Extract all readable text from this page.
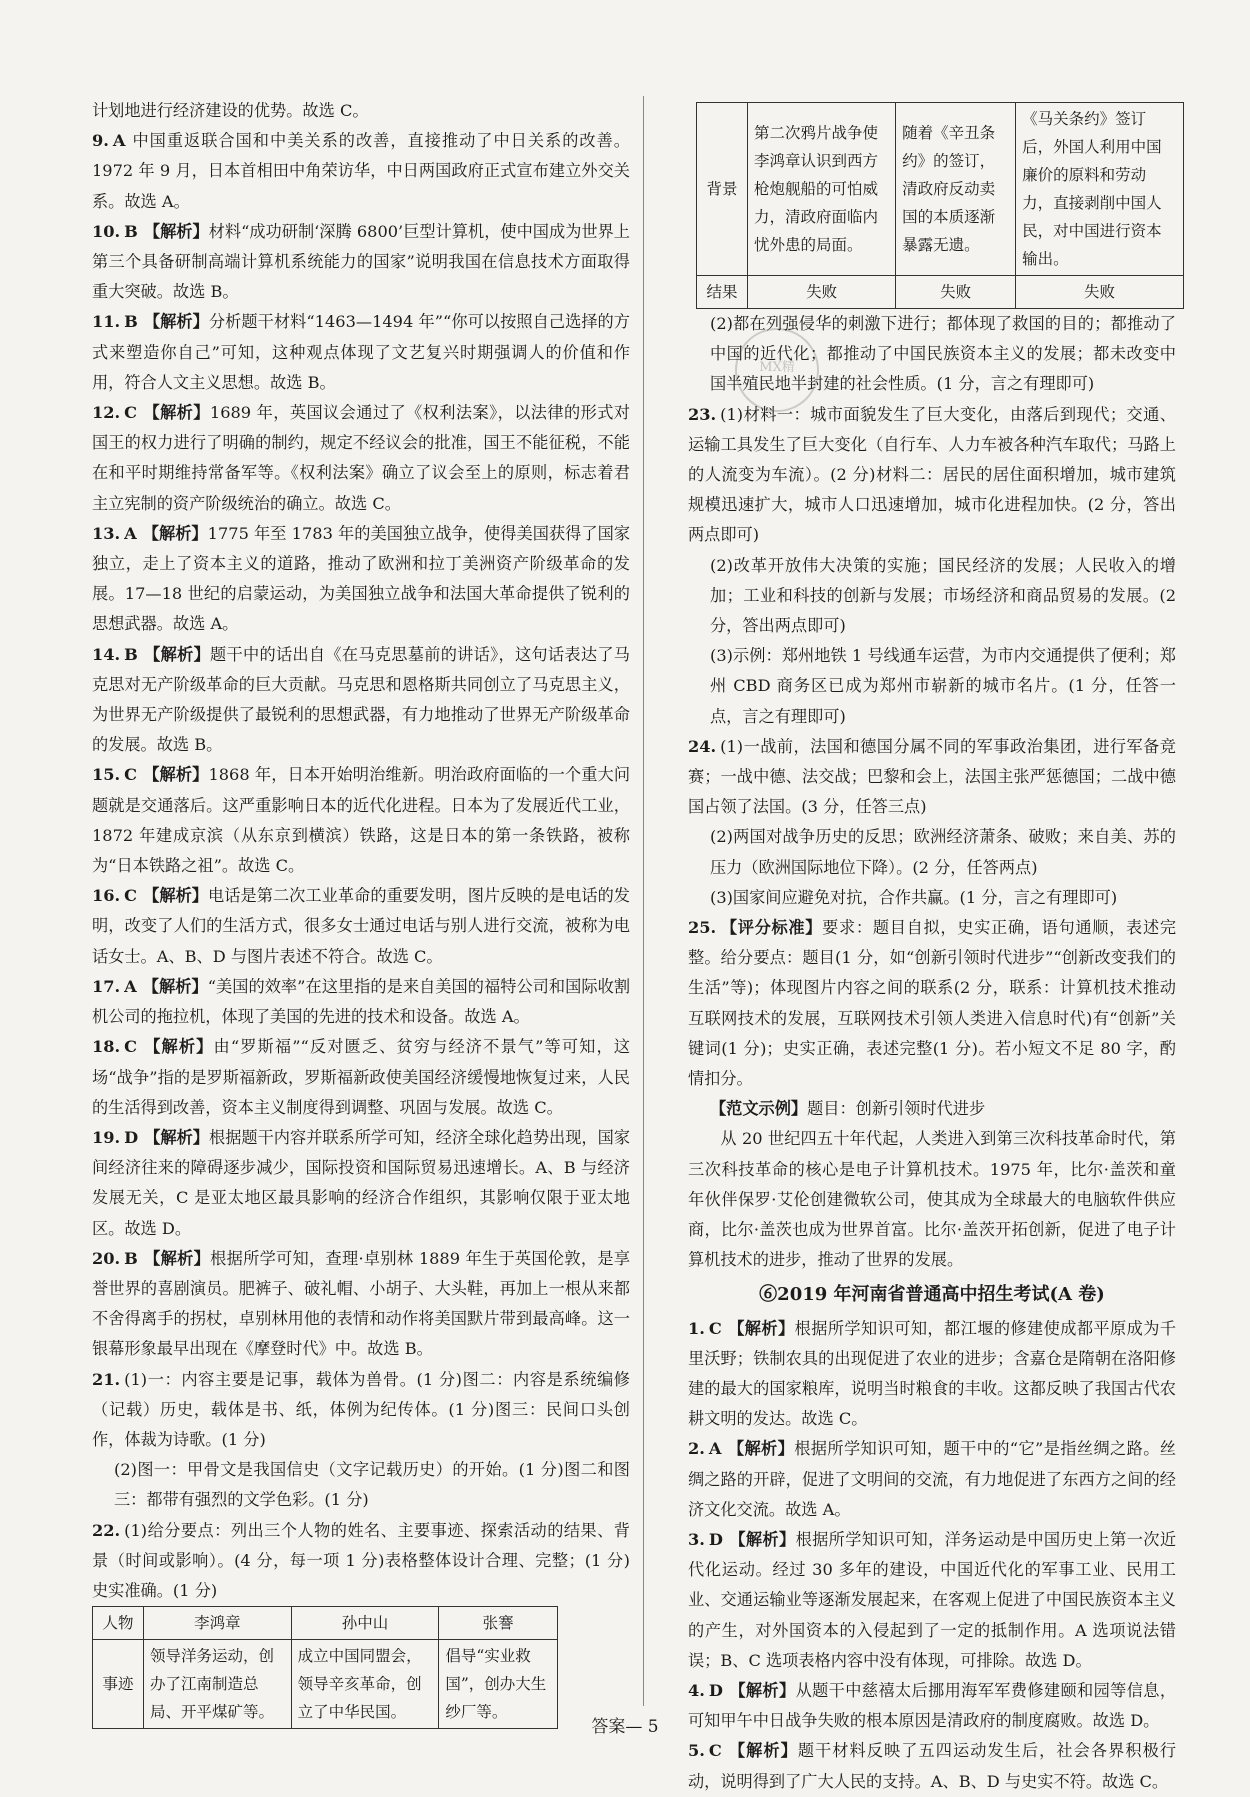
MX精

计划地进行经济建设的优势。故选 C。

9. A 中国重返联合国和中美关系的改善，直接推动了中日关系的改善。1972 年 9 月，日本首相田中角荣访华，中日两国政府正式宣布建立外交关系。故选 A。

10. B 【解析】材料“成功研制‘深腾 6800’巨型计算机，使中国成为世界上第三个具备研制高端计算机系统能力的国家”说明我国在信息技术方面取得重大突破。故选 B。

11. B 【解析】分析题干材料“1463—1494 年”“你可以按照自己选择的方式来塑造你自己”可知，这种观点体现了文艺复兴时期强调人的价值和作用，符合人文主义思想。故选 B。

12. C 【解析】1689 年，英国议会通过了《权利法案》，以法律的形式对国王的权力进行了明确的制约，规定不经议会的批准，国王不能征税，不能在和平时期维持常备军等。《权利法案》确立了议会至上的原则，标志着君主立宪制的资产阶级统治的确立。故选 C。

13. A 【解析】1775 年至 1783 年的美国独立战争，使得美国获得了国家独立，走上了资本主义的道路，推动了欧洲和拉丁美洲资产阶级革命的发展。17—18 世纪的启蒙运动，为美国独立战争和法国大革命提供了锐利的思想武器。故选 A。

14. B 【解析】题干中的话出自《在马克思墓前的讲话》，这句话表达了马克思对无产阶级革命的巨大贡献。马克思和恩格斯共同创立了马克思主义，为世界无产阶级提供了最锐利的思想武器，有力地推动了世界无产阶级革命的发展。故选 B。

15. C 【解析】1868 年，日本开始明治维新。明治政府面临的一个重大问题就是交通落后。这严重影响日本的近代化进程。日本为了发展近代工业，1872 年建成京滨（从东京到横滨）铁路，这是日本的第一条铁路，被称为“日本铁路之祖”。故选 C。

16. C 【解析】电话是第二次工业革命的重要发明，图片反映的是电话的发明，改变了人们的生活方式，很多女士通过电话与别人进行交流，被称为电话女士。A、B、D 与图片表述不符合。故选 C。

17. A 【解析】“美国的效率”在这里指的是来自美国的福特公司和国际收割机公司的拖拉机，体现了美国的先进的技术和设备。故选 A。

18. C 【解析】由“罗斯福”“反对匮乏、贫穷与经济不景气”等可知，这场“战争”指的是罗斯福新政，罗斯福新政使美国经济缓慢地恢复过来，人民的生活得到改善，资本主义制度得到调整、巩固与发展。故选 C。

19. D 【解析】根据题干内容并联系所学可知，经济全球化趋势出现，国家间经济往来的障碍逐步减少，国际投资和国际贸易迅速增长。A、B 与经济发展无关，C 是亚太地区最具影响的经济合作组织，其影响仅限于亚太地区。故选 D。

20. B 【解析】根据所学可知，查理·卓别林 1889 年生于英国伦敦，是享誉世界的喜剧演员。肥裤子、破礼帽、小胡子、大头鞋，再加上一根从来都不舍得离手的拐杖，卓别林用他的表情和动作将美国默片带到最高峰。这一银幕形象最早出现在《摩登时代》中。故选 B。

21. (1)一：内容主要是记事，载体为兽骨。(1 分)图二：内容是系统编修（记载）历史，载体是书、纸，体例为纪传体。(1 分)图三：民间口头创作，体裁为诗歌。(1 分)

(2)图一：甲骨文是我国信史（文字记载历史）的开始。(1 分)图二和图三：都带有强烈的文学色彩。(1 分)

22. (1)给分要点：列出三个人物的姓名、主要事迹、探索活动的结果、背景（时间或影响）。(4 分，每一项 1 分)表格整体设计合理、完整；(1 分)史实准确。(1 分)

人物	李鸿章	孙中山	张謇
事迹	领导洋务运动，创办了江南制造总局、开平煤矿等。	成立中国同盟会，领导辛亥革命，创立了中华民国。	倡导“实业救国”，创办大生纱厂等。
背景	第二次鸦片战争使李鸿章认识到西方枪炮舰船的可怕威力，清政府面临内忧外患的局面。	随着《辛丑条约》的签订，清政府反动卖国的本质逐渐暴露无遗。	《马关条约》签订后，外国人利用中国廉价的原料和劳动力，直接剥削中国人民，对中国进行资本输出。
结果	失败	失败	失败

(2)都在列强侵华的刺激下进行；都体现了救国的目的；都推动了中国的近代化；都推动了中国民族资本主义的发展；都未改变中国半殖民地半封建的社会性质。(1 分，言之有理即可)

23. (1)材料一：城市面貌发生了巨大变化，由落后到现代；交通、运输工具发生了巨大变化（自行车、人力车被各种汽车取代；马路上的人流变为车流）。(2 分)材料二：居民的居住面积增加，城市建筑规模迅速扩大，城市人口迅速增加，城市化进程加快。(2 分，答出两点即可)

(2)改革开放伟大决策的实施；国民经济的发展；人民收入的增加；工业和科技的创新与发展；市场经济和商品贸易的发展。(2 分，答出两点即可)

(3)示例：郑州地铁 1 号线通车运营，为市内交通提供了便利；郑州 CBD 商务区已成为郑州市崭新的城市名片。(1 分，任答一点，言之有理即可)

24. (1)一战前，法国和德国分属不同的军事政治集团，进行军备竞赛；一战中德、法交战；巴黎和会上，法国主张严惩德国；二战中德国占领了法国。(3 分，任答三点)

(2)两国对战争历史的反思；欧洲经济萧条、破败；来自美、苏的压力（欧洲国际地位下降）。(2 分，任答两点)

(3)国家间应避免对抗，合作共赢。(1 分，言之有理即可)

25. 【评分标准】要求：题目自拟，史实正确，语句通顺，表述完整。给分要点：题目(1 分，如“创新引领时代进步”“创新改变我们的生活”等)；体现图片内容之间的联系(2 分，联系：计算机技术推动互联网技术的发展，互联网技术引领人类进入信息时代)有“创新”关键词(1 分)；史实正确，表述完整(1 分)。若小短文不足 80 字，酌情扣分。

【范文示例】题目：创新引领时代进步

从 20 世纪四五十年代起，人类进入到第三次科技革命时代，第三次科技革命的核心是电子计算机技术。1975 年，比尔·盖茨和童年伙伴保罗·艾伦创建微软公司，使其成为全球最大的电脑软件供应商，比尔·盖茨也成为世界首富。比尔·盖茨开拓创新，促进了电子计算机技术的进步，推动了世界的发展。

⑥2019 年河南省普通高中招生考试(A 卷)

1. C 【解析】根据所学知识可知，都江堰的修建使成都平原成为千里沃野；铁制农具的出现促进了农业的进步；含嘉仓是隋朝在洛阳修建的最大的国家粮库，说明当时粮食的丰收。这都反映了我国古代农耕文明的发达。故选 C。

2. A 【解析】根据所学知识可知，题干中的“它”是指丝绸之路。丝绸之路的开辟，促进了文明间的交流，有力地促进了东西方之间的经济文化交流。故选 A。

3. D 【解析】根据所学知识可知，洋务运动是中国历史上第一次近代化运动。经过 30 多年的建设，中国近代化的军事工业、民用工业、交通运输业等逐渐发展起来，在客观上促进了中国民族资本主义的产生，对外国资本的入侵起到了一定的抵制作用。A 选项说法错误；B、C 选项表格内容中没有体现，可排除。故选 D。

4. D 【解析】从题干中慈禧太后挪用海军军费修建颐和园等信息，可知甲午中日战争失败的根本原因是清政府的制度腐败。故选 D。

5. C 【解析】题干材料反映了五四运动发生后，社会各界积极行动，说明得到了广大人民的支持。A、B、D 与史实不符。故选 C。

答案— 5
